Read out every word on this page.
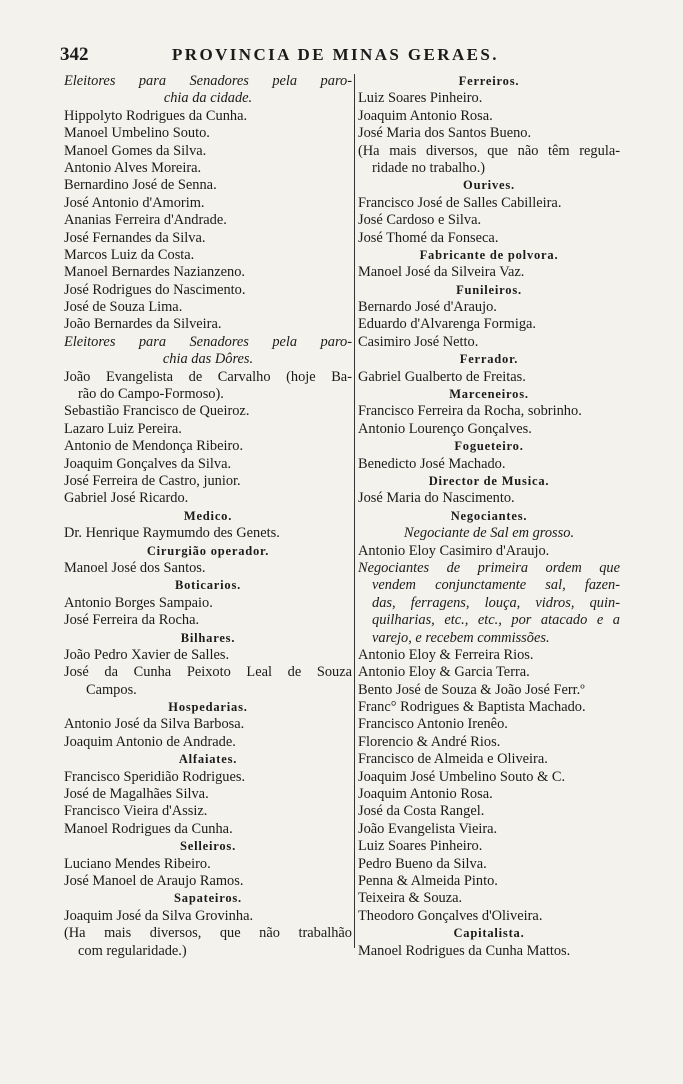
342	PROVINCIA DE MINAS GERAES.
Eleitores para Senadores pela paro-
chia da cidade.
Hippolyto Rodrigues da Cunha.
Manoel Umbelino Souto.
Manoel Gomes da Silva.
Antonio Alves Moreira.
Bernardino José de Senna.
José Antonio d'Amorim.
Ananias Ferreira d'Andrade.
José Fernandes da Silva.
Marcos Luiz da Costa.
Manoel Bernardes Nazianzeno.
José Rodrigues do Nascimento.
José de Souza Lima.
João Bernardes da Silveira.
Eleitores para Senadores pela paro-
chia das Dôres.
João Evangelista de Carvalho (hoje Ba-
rão do Campo-Formoso).
Sebastião Francisco de Queiroz.
Lazaro Luiz Pereira.
Antonio de Mendonça Ribeiro.
Joaquim Gonçalves da Silva.
José Ferreira de Castro, junior.
Gabriel José Ricardo.
Medico.
Dr. Henrique Raymumdo des Genets.
Cirurgião operador.
Manoel José dos Santos.
Boticarios.
Antonio Borges Sampaio.
José Ferreira da Rocha.
Bilhares.
João Pedro Xavier de Salles.
José da Cunha Peixoto Leal de Souza
Campos.
Hospedarias.
Antonio José da Silva Barbosa.
Joaquim Antonio de Andrade.
Alfaiates.
Francisco Speridião Rodrigues.
José de Magalhães Silva.
Francisco Vieira d'Assiz.
Manoel Rodrigues da Cunha.
Selleiros.
Luciano Mendes Ribeiro.
José Manoel de Araujo Ramos.
Sapateiros.
Joaquim José da Silva Grovinha.
(Ha mais diversos, que não trabalhão
com regularidade.)
Ferreiros.
Luiz Soares Pinheiro.
Joaquim Antonio Rosa.
José Maria dos Santos Bueno.
(Ha mais diversos, que não têm regula-
ridade no trabalho.)
Ourives.
Francisco José de Salles Cabilleira.
José Cardoso e Silva.
José Thomé da Fonseca.
Fabricante de polvora.
Manoel José da Silveira Vaz.
Funileiros.
Bernardo José d'Araujo.
Eduardo d'Alvarenga Formiga.
Casimiro José Netto.
Ferrador.
Gabriel Gualberto de Freitas.
Marceneiros.
Francisco Ferreira da Rocha, sobrinho.
Antonio Lourenço Gonçalves.
Fogueteiro.
Benedicto José Machado.
Director de Musica.
José Maria do Nascimento.
Negociantes.
Negociante de Sal em grosso.
Antonio Eloy Casimiro d'Araujo.
Negociantes de primeira ordem que
vendem conjunctamente sal, fazen-
das, ferragens, louça, vidros, quin-
quilharias, etc., etc., por atacado e a
varejo, e recebem commissões.
Antonio Eloy & Ferreira Rios.
Antonio Eloy & Garcia Terra.
Bento José de Souza & João José Ferr.º
Franc° Rodrigues & Baptista Machado.
Francisco Antonio Irenêo.
Florencio & André Rios.
Francisco de Almeida e Oliveira.
Joaquim José Umbelino Souto & C.
Joaquim Antonio Rosa.
José da Costa Rangel.
João Evangelista Vieira.
Luiz Soares Pinheiro.
Pedro Bueno da Silva.
Penna & Almeida Pinto.
Teixeira & Souza.
Theodoro Gonçalves d'Oliveira.
Capitalista.
Manoel Rodrigues da Cunha Mattos.
